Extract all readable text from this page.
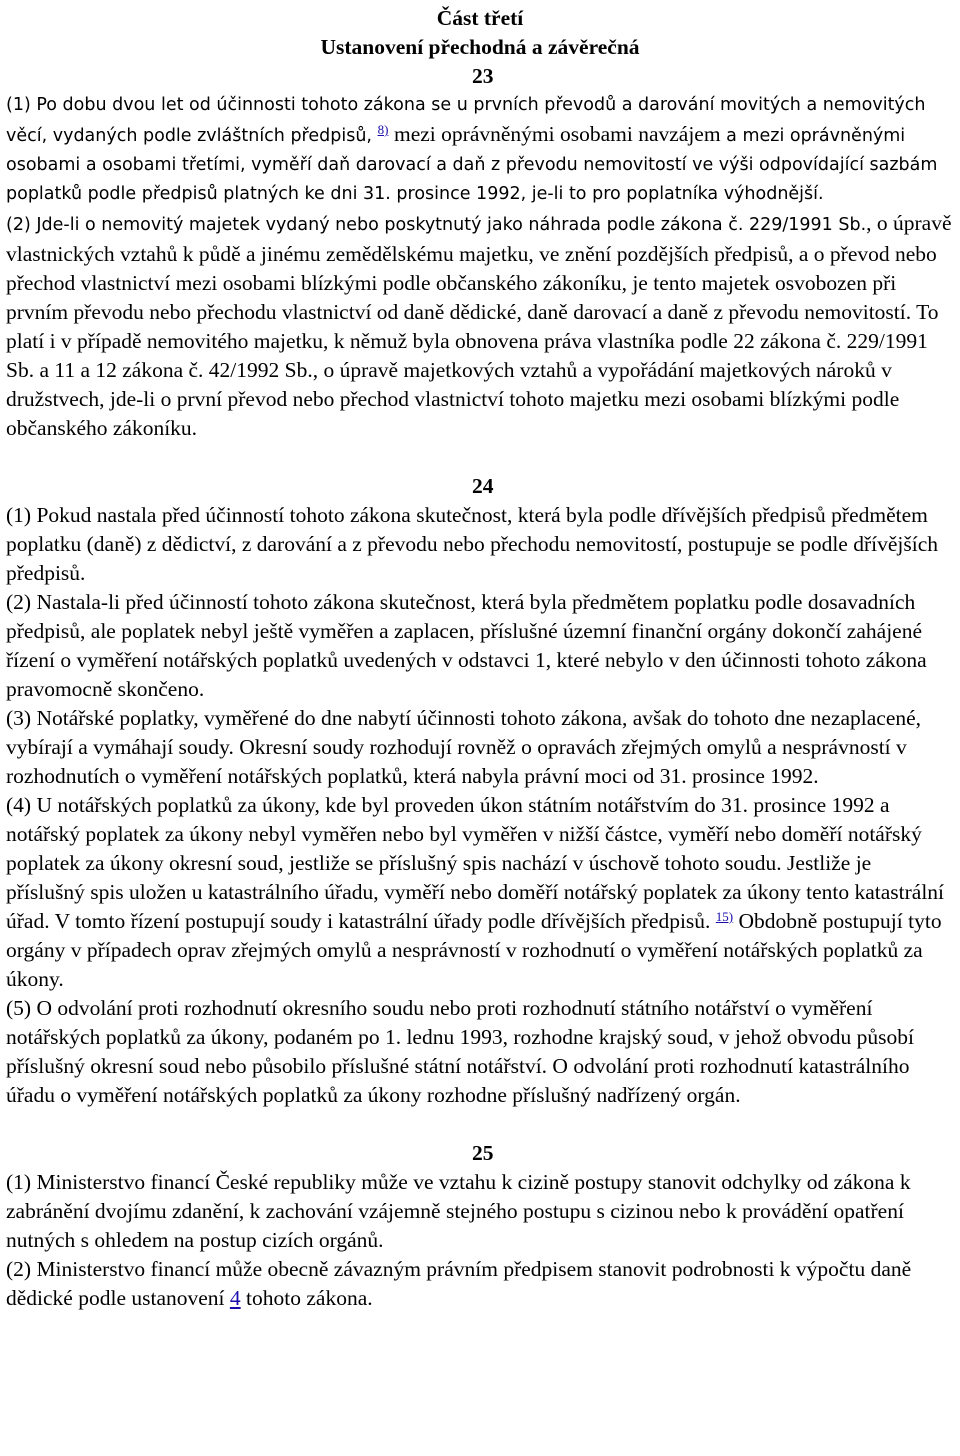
Část třetí
Ustanovení přechodná a závěrečná
23

(1) Po dobu dvou let od účinnosti tohoto zákona se u prvních převodů a darování movitých a nemovitých věcí, vydaných podle zvláštních předpisů, $^{8)}$ mezi oprávněnými osobami navzájem a mezi oprávněnými osobami a osobami třetími, vyměří daň darovací a daň z převodu nemovitostí ve výši odpovídající sazbám poplatků podle předpisů platných ke dni 31. prosince 1992, je-li to pro poplatníka výhodnější.

(2) Jde-li o nemovitý majetek vydaný nebo poskytnutý jako náhrada podle zákona č. 229/1991 Sb., o úpravě vlastnických vztahů k půdě a jinému zemědělskému majetku, ve znění pozdějších předpisů, a o převod nebo přechod vlastnictví mezi osobami blízkými podle občanského zákoníku, je tento majetek osvobozen při prvním převodu nebo přechodu vlastnictví od daně dědické, daně darovací a daně z převodu nemovitostí. To platí i v případě nemovitého majetku, k němuž byla obnovena práva vlastníka podle 22 zákona č. 229/1991 Sb. a 11 a 12 zákona č. 42/1992 Sb., o úpravě majetkových vztahů a vypořádání majetkových nároků v družstvech, jde-li o první převod nebo přechod vlastnictví tohoto majetku mezi osobami blízkými podle občanského zákoníku.

24

(1) Pokud nastala před účinností tohoto zákona skutečnost, která byla podle dřívějších předpisů předmětem poplatku (daně) z dědictví, z darování a z převodu nebo přechodu nemovitostí, postupuje se podle dřívějších předpisů.

(2) Nastala-li před účinností tohoto zákona skutečnost, která byla předmětem poplatku podle dosavadních předpisů, ale poplatek nebyl ještě vyměřen a zaplacen, příslušné územní finanční orgány dokončí zahájené řízení o vyměření notářských poplatků uvedených v odstavci 1, které nebylo v den účinnosti tohoto zákona pravomocně skončeno.

(3) Notářské poplatky, vyměřené do dne nabytí účinnosti tohoto zákona, avšak do tohoto dne nezaplacené, vybírají a vymáhají soudy. Okresní soudy rozhodují rovněž o opravách zřejmých omylů a nesprávností v rozhodnutích o vyměření notářských poplatků, která nabyla právní moci od 31. prosince 1992.

(4) U notářských poplatků za úkony, kde byl proveden úkon státním notářstvím do 31. prosince 1992 a notářský poplatek za úkony nebyl vyměřen nebo byl vyměřen v nižší částce, vyměří nebo doměří notářský poplatek za úkony okresní soud, jestliže se příslušný spis nachází v úschově tohoto soudu. Jestliže je příslušný spis uložen u katastrálního úřadu, vyměří nebo doměří notářský poplatek za úkony tento katastrální úřad. V tomto řízení postupují soudy i katastrální úřady podle dřívějších předpisů. $^{15)}$ Obdobně postupují tyto orgány v případech oprav zřejmých omylů a nesprávností v rozhodnutí o vyměření notářských poplatků za úkony.

(5) O odvolání proti rozhodnutí okresního soudu nebo proti rozhodnutí státního notářství o vyměření notářských poplatků za úkony, podaném po 1. lednu 1993, rozhodne krajský soud, v jehož obvodu působí příslušný okresní soud nebo působilo příslušné státní notářství. O odvolání proti rozhodnutí katastrálního úřadu o vyměření notářských poplatků za úkony rozhodne příslušný nadřízený orgán.

25

(1) Ministerstvo financí České republiky může ve vztahu k cizině postupy stanovit odchylky od zákona k zabránění dvojímu zdanění, k zachování vzájemně stejného postupu s cizinou nebo k provádění opatření nutných s ohledem na postup cizích orgánů.

(2) Ministerstvo financí může obecně závazným právním předpisem stanovit podrobnosti k výpočtu daně dědické podle ustanovení 4 tohoto zákona.
